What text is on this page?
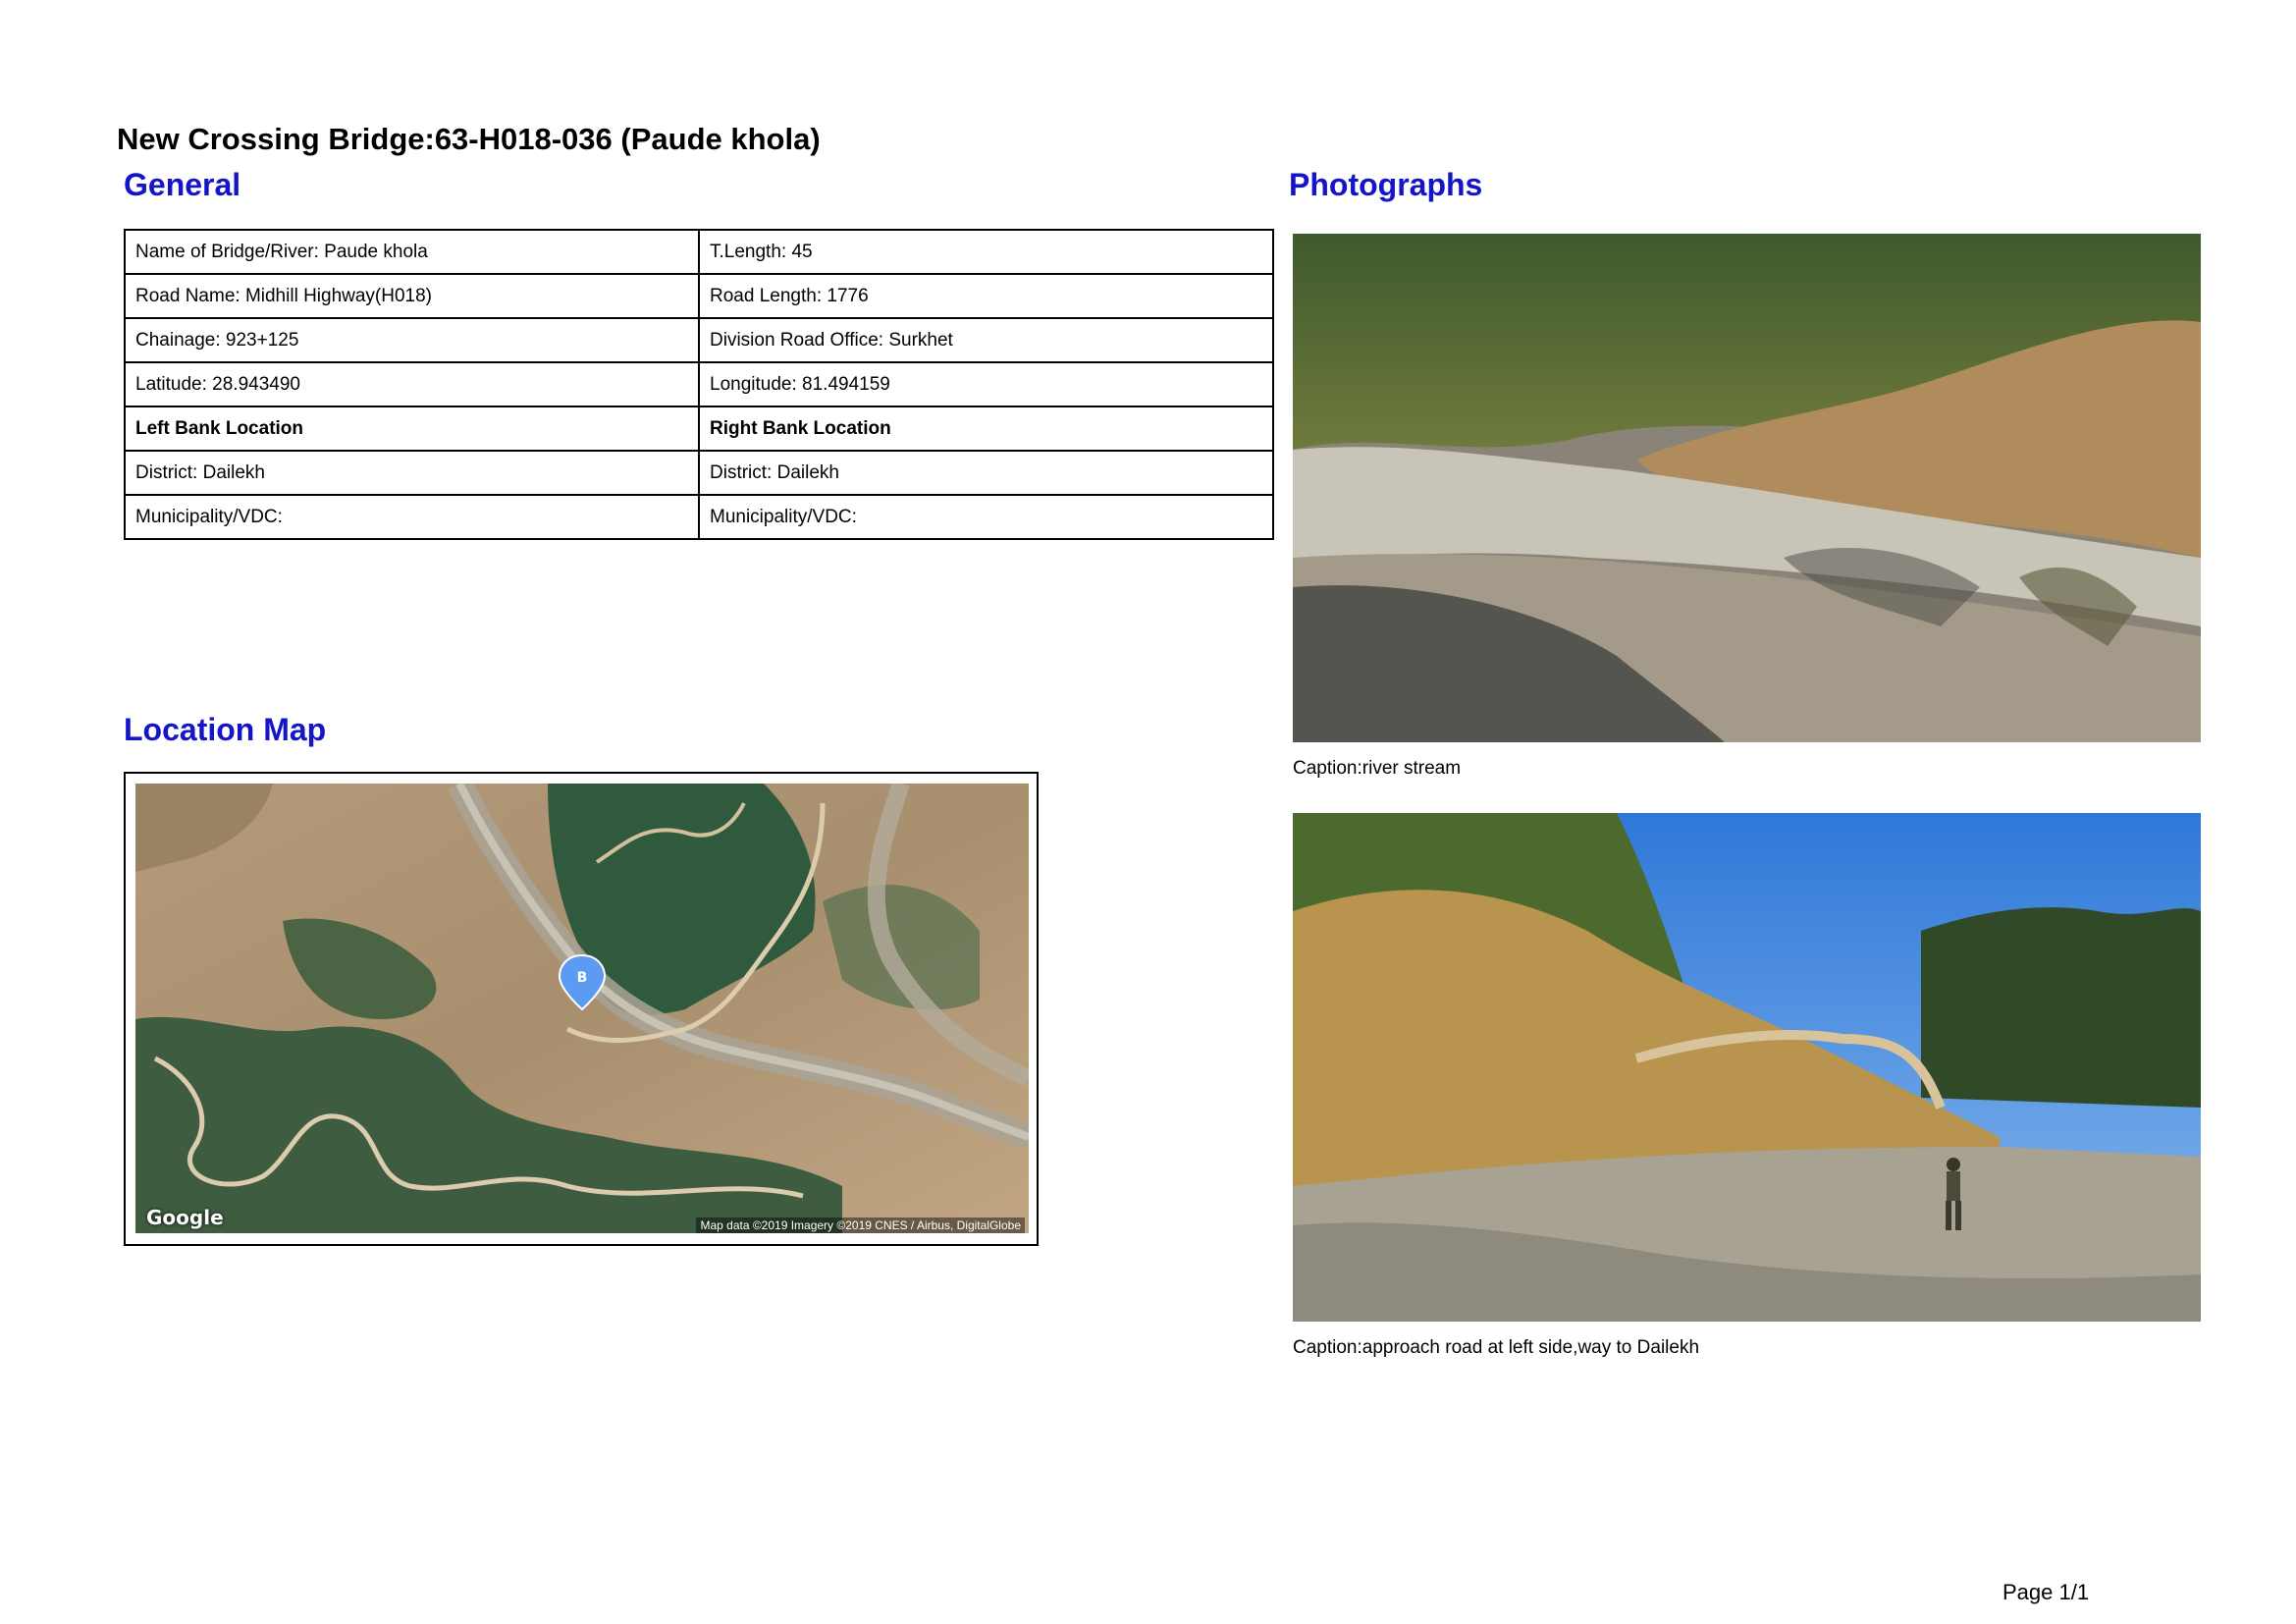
New Crossing Bridge:63-H018-036 (Paude khola)
General	Photographs
Location Map
Name of Bridge/River: Paude khola	T.Length: 45
Road Name: Midhill Highway(H018)	Road Length: 1776
Chainage: 923+125	Division Road Office: Surkhet
Latitude: 28.943490	Longitude: 81.494159
Left Bank Location	Right Bank Location
District: Dailekh	District: Dailekh
Municipality/VDC:	Municipality/VDC:
B
Google	Map data ©2019 Imagery ©2019 CNES / Airbus, DigitalGlobe
Caption:river stream
Caption:approach road at left side,way to Dailekh
Page 1/1
